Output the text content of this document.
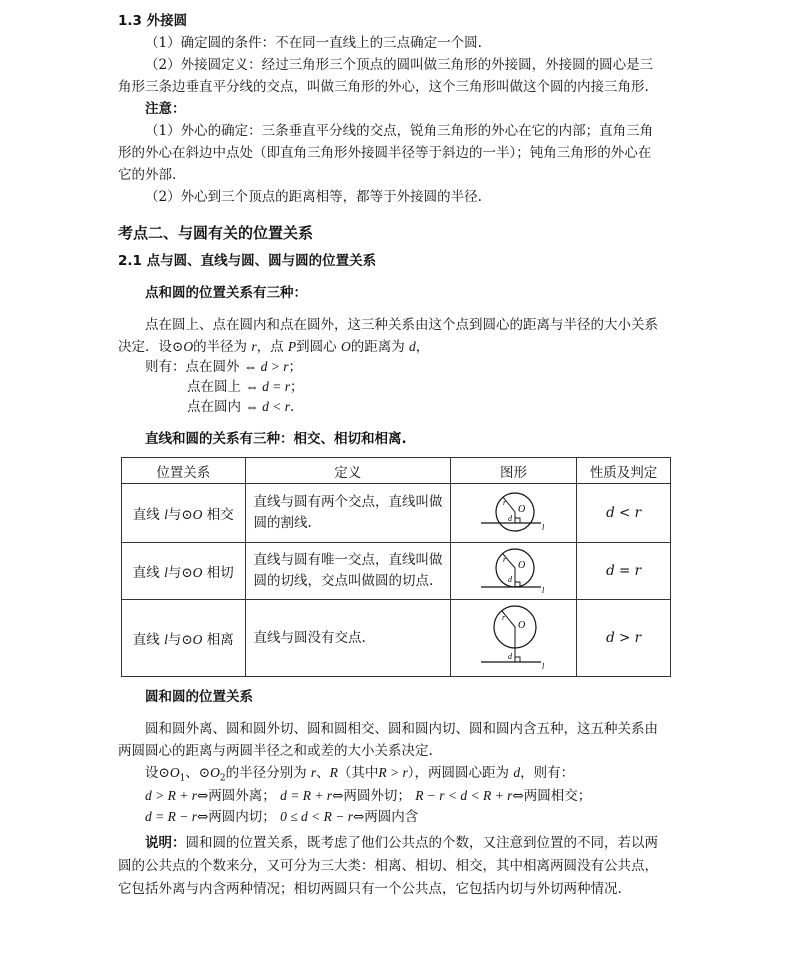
1.3 外接圆
（1）确定圆的条件：不在同一直线上的三点确定一个圆.
（2）外接圆定义：经过三角形三个顶点的圆叫做三角形的外接圆，外接圆的圆心是三
角形三条边垂直平分线的交点，叫做三角形的外心，这个三角形叫做这个圆的内接三角形.
注意：
（1）外心的确定：三条垂直平分线的交点，锐角三角形的外心在它的内部；直角三角
形的外心在斜边中点处（即直角三角形外接圆半径等于斜边的一半）；钝角三角形的外心在
它的外部.
（2）外心到三个顶点的距离相等，都等于外接圆的半径.
考点二、与圆有关的位置关系
2.1 点与圆、直线与圆、圆与圆的位置关系
点和圆的位置关系有三种：
点在圆上、点在圆内和点在圆外，这三种关系由这个点到圆心的距离与半径的大小关系
决定．设⊙O的半径为 r，点 P到圆心 O的距离为 d，
则有：点在圆外 ⇔ d > r；
点在圆上 ⇔ d = r；
点在圆内 ⇔ d < r.
直线和圆的关系有三种：相交、相切和相离.
位置关系	定义	图形	性质及判定
直线 l与⊙O 相交	直线与圆有两个交点，直线叫做
圆的割线.	r
O
d
l	d < r
直线 l与⊙O 相切	直线与圆有唯一交点，直线叫做
圆的切线，交点叫做圆的切点.	r
O
d
l	d = r
直线 l与⊙O 相离	直线与圆没有交点.	r
O
d
l	d > r
圆和圆的位置关系
圆和圆外离、圆和圆外切、圆和圆相交、圆和圆内切、圆和圆内含五种，这五种关系由
两圆圆心的距离与两圆半径之和或差的大小关系决定.
设$⊙O_1$、$⊙O_2$的半径分别为 r、R（其中R > r），两圆圆心距为 d，则有：
d > R + r⇔两圆外离； d = R + r⇔两圆外切； R − r < d < R + r⇔两圆相交；
d = R − r⇔两圆内切； 0 ≤ d < R − r⇔两圆内含
说明：圆和圆的位置关系，既考虑了他们公共点的个数，又注意到位置的不同，若以两
圆的公共点的个数来分，又可分为三大类：相离、相切、相交，其中相离两圆没有公共点，
它包括外离与内含两种情况；相切两圆只有一个公共点，它包括内切与外切两种情况.
